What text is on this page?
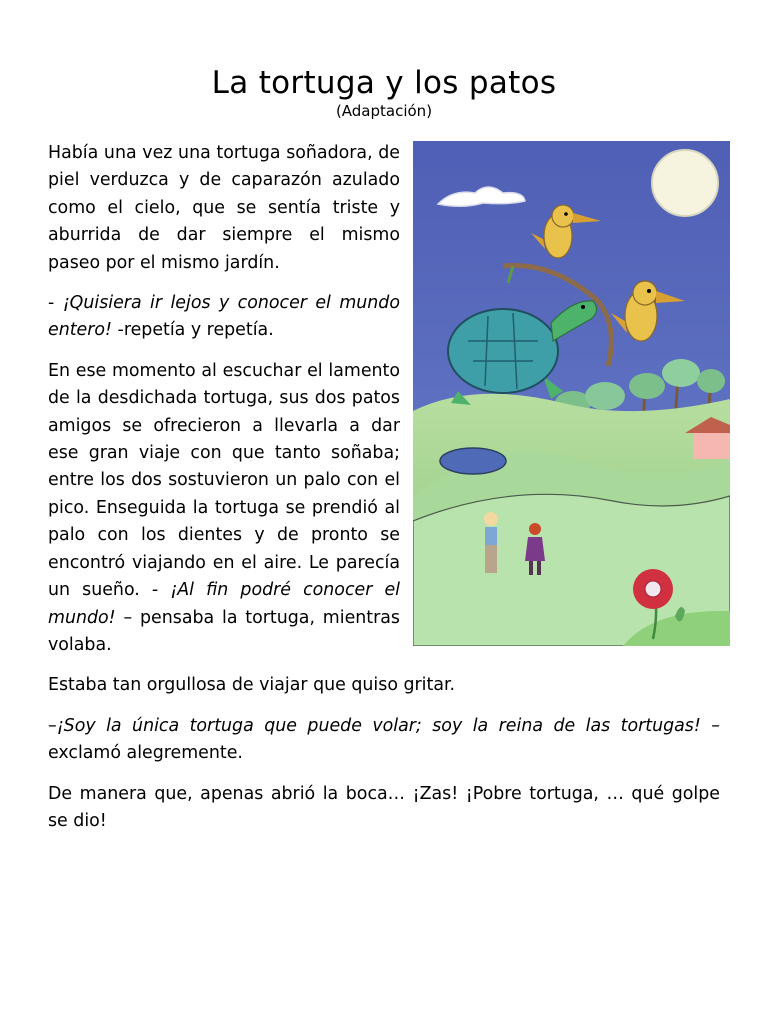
La tortuga y los patos
(Adaptación)

Había una vez una tortuga soñadora, de piel verduzca y de caparazón azulado como el cielo, que se sentía triste y aburrida de dar siempre el mismo paseo por el mismo jardín.

- ¡Quisiera ir lejos y conocer el mundo entero! -repetía y repetía.

En ese momento al escuchar el lamento de la desdichada tortuga, sus dos patos amigos se ofrecieron a llevarla a dar ese gran viaje con que tanto soñaba; entre los dos sostuvieron un palo con el pico. Enseguida la tortuga se prendió al palo con los dientes y de pronto se encontró viajando en el aire. Le parecía un sueño. - ¡Al fin podré conocer el mundo! – pensaba la tortuga, mientras volaba.

Estaba tan orgullosa de viajar que quiso gritar.

–¡Soy la única tortuga que puede volar; soy la reina de las tortugas! – exclamó alegremente.

De manera que, apenas abrió la boca… ¡Zas! ¡Pobre tortuga, … qué golpe se dio!
